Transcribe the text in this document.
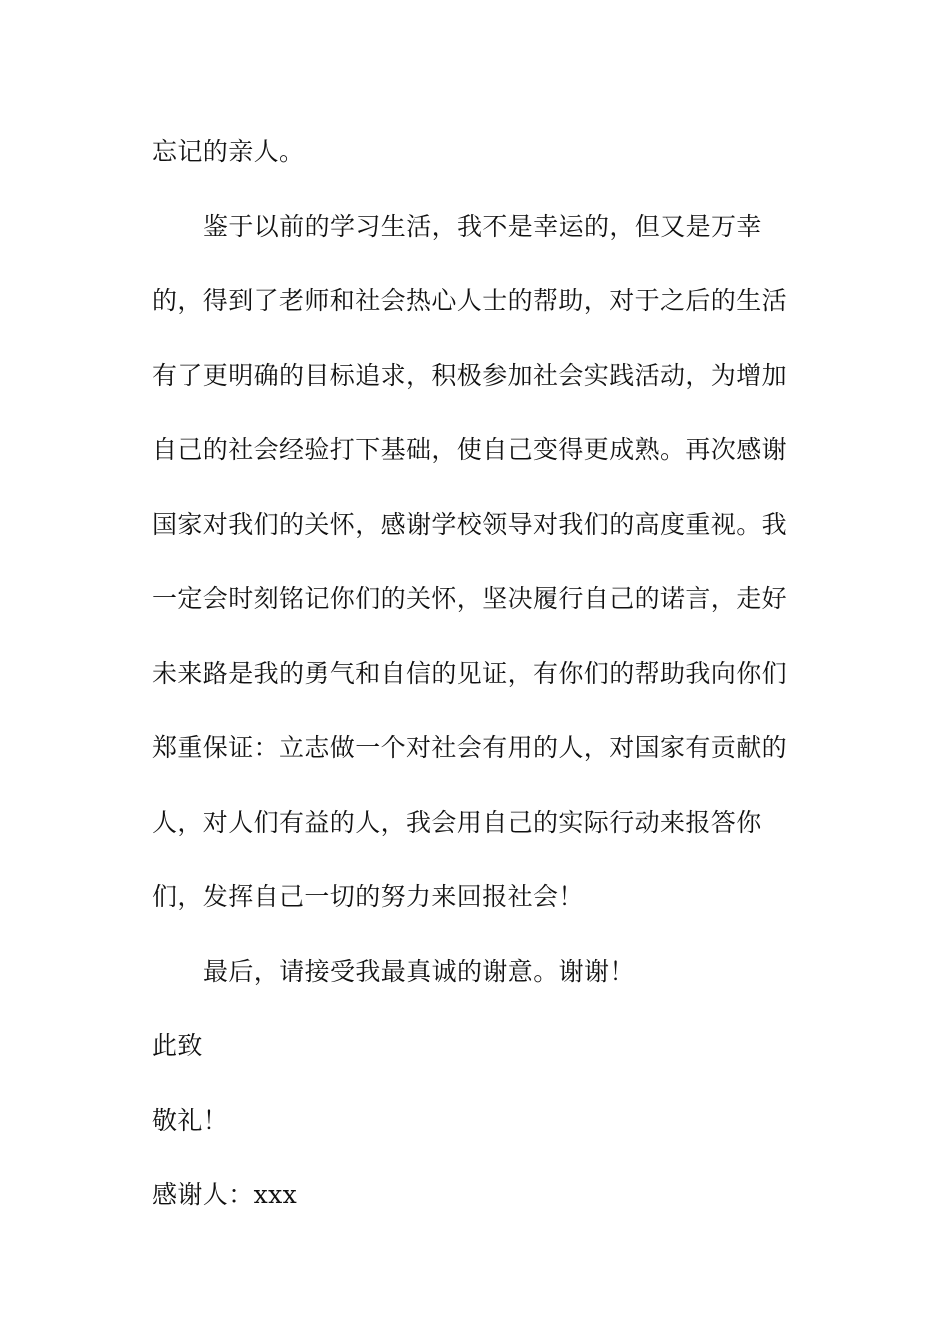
忘记的亲人。
鉴于以前的学习生活，我不是幸运的，但又是万幸
的，得到了老师和社会热心人士的帮助，对于之后的生活
有了更明确的目标追求，积极参加社会实践活动，为增加
自己的社会经验打下基础，使自己变得更成熟。再次感谢
国家对我们的关怀，感谢学校领导对我们的高度重视。我
一定会时刻铭记你们的关怀，坚决履行自己的诺言，走好
未来路是我的勇气和自信的见证，有你们的帮助我向你们
郑重保证：立志做一个对社会有用的人，对国家有贡献的
人，对人们有益的人，我会用自己的实际行动来报答你
们，发挥自己一切的努力来回报社会！
最后，请接受我最真诚的谢意。谢谢！
此致
敬礼！
感谢人：xxx
